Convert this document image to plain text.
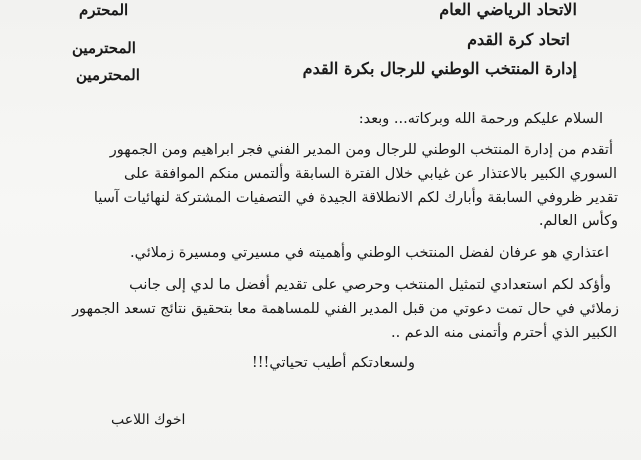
الاتحاد الرياضي العام
اتحاد كرة القدم
إدارة المنتخب الوطني للرجال بكرة القدم
المحترم
المحترمين
المحترمين
السلام عليكم ورحمة الله وبركاته... وبعد:
أتقدم من إدارة المنتخب الوطني للرجال ومن المدير الفني فجر ابراهيم ومن الجمهور
السوري الكبير بالاعتذار عن غيابي خلال الفترة السابقة وألتمس منكم الموافقة على
تقدير ظروفي السابقة وأبارك لكم الانطلاقة الجيدة في التصفيات المشتركة لنهائيات آسيا
وكأس العالم.
اعتذاري هو عرفان لفضل المنتخب الوطني وأهميته في مسيرتي ومسيرة زملائي.
وأؤكد لكم استعدادي لتمثيل المنتخب وحرصي على تقديم أفضل ما لدي إلى جانب
زملائي في حال تمت دعوتي من قبل المدير الفني للمساهمة معا بتحقيق نتائج تسعد الجمهور
الكبير الذي أحترم وأتمنى منه الدعم ..
ولسعادتكم أطيب تحياتي!!!
اخوك اللاعب
